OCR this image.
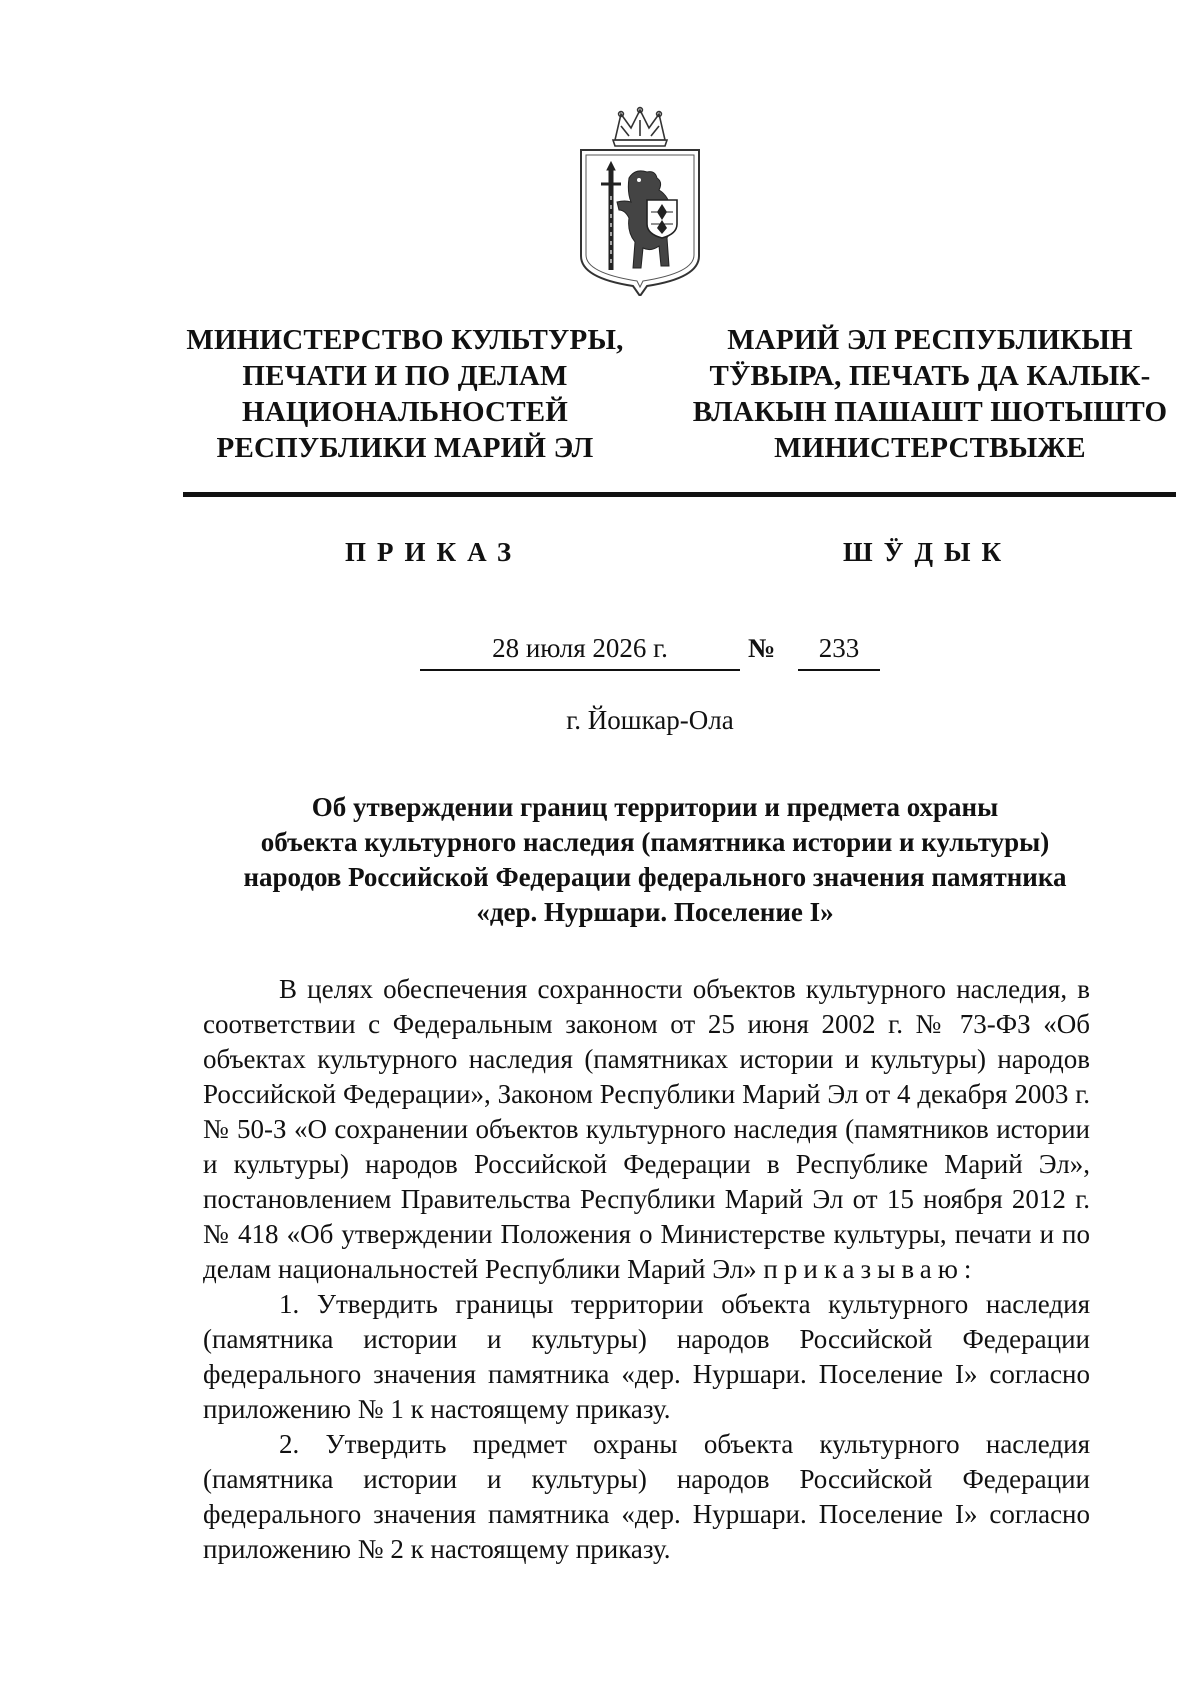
МИНИСТЕРСТВО КУЛЬТУРЫ,
ПЕЧАТИ И ПО ДЕЛАМ
НАЦИОНАЛЬНОСТЕЙ
РЕСПУБЛИКИ МАРИЙ ЭЛ
МАРИЙ ЭЛ РЕСПУБЛИКЫН
ТӰВЫРА, ПЕЧАТЬ ДА КАЛЫК-
ВЛАКЫН ПАШАШТ ШОТЫШТО
МИНИСТЕРСТВЫЖЕ
ПРИКАЗ	ШӰДЫК
28 июля 2026 г.	№	233
г. Йошкар-Ола
Об утверждении границ территории и предмета охраны
объекта культурного наследия (памятника истории и культуры)
народов Российской Федерации федерального значения памятника
«дер. Нуршари. Поселение I»

В целях обеспечения сохранности объектов культурного наследия, в соответствии с Федеральным законом от 25 июня 2002 г. № 73-ФЗ «Об объектах культурного наследия (памятниках истории и культуры) народов Российской Федерации», Законом Республики Марий Эл от 4 декабря 2003 г. № 50-З «О сохранении объектов культурного наследия (памятников истории и культуры) народов Российской Федерации в Республике Марий Эл», постановлением Правительства Республики Марий Эл от 15 ноября 2012 г. № 418 «Об утверждении Положения о Министерстве культуры, печати и по делам национальностей Республики Марий Эл» приказываю:

1. Утвердить границы территории объекта культурного наследия (памятника истории и культуры) народов Российской Федерации федерального значения памятника «дер. Нуршари. Поселение I» согласно приложению № 1 к настоящему приказу.

2. Утвердить предмет охраны объекта культурного наследия (памятника истории и культуры) народов Российской Федерации федерального значения памятника «дер. Нуршари. Поселение I» согласно приложению № 2 к настоящему приказу.
